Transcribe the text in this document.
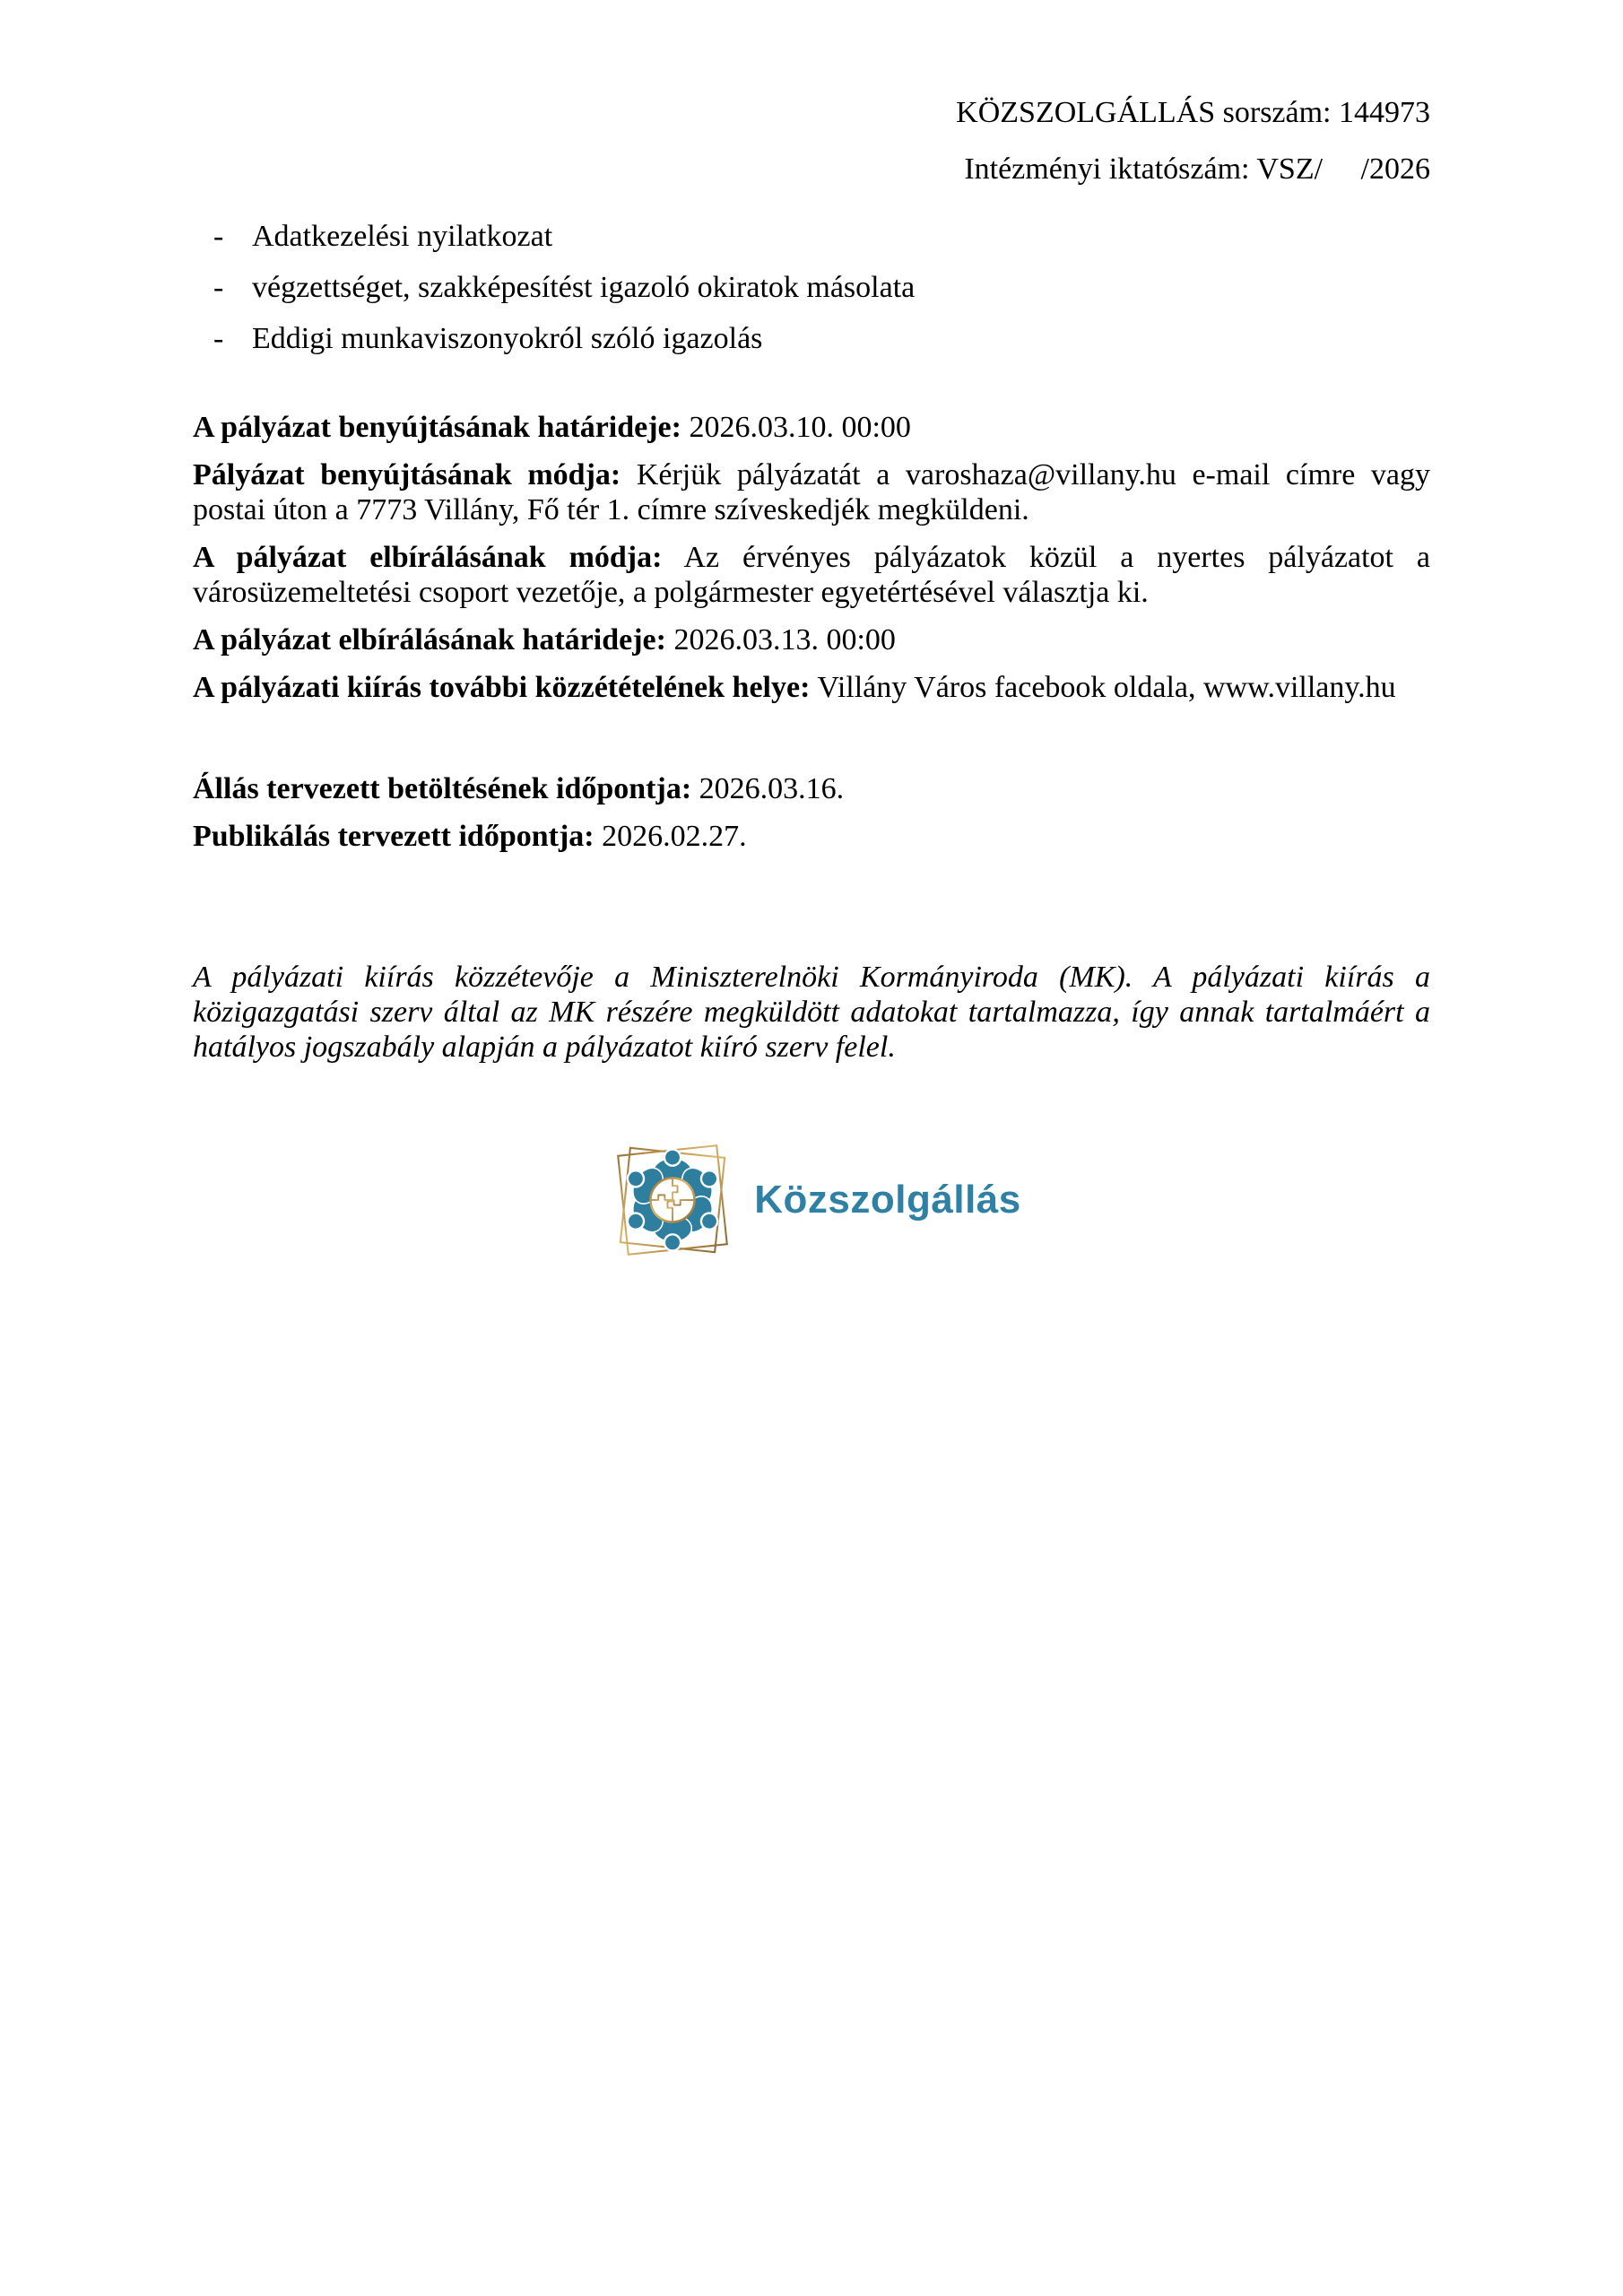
KÖZSZOLGÁLLÁS sorszám: 144973
Intézményi iktatószám: VSZ/     /2026
- Adatkezelési nyilatkozat
- végzettséget, szakképesítést igazoló okiratok másolata
- Eddigi munkaviszonyokról szóló igazolás

A pályázat benyújtásának határideje: 2026.03.10. 00:00

Pályázat benyújtásának módja: Kérjük pályázatát a varoshaza@villany.hu e-mail címre vagy postai úton a 7773 Villány, Fő tér 1. címre szíveskedjék megküldeni.

A pályázat elbírálásának módja: Az érvényes pályázatok közül a nyertes pályázatot a városüzemeltetési csoport vezetője, a polgármester egyetértésével választja ki.

A pályázat elbírálásának határideje: 2026.03.13. 00:00

A pályázati kiírás további közzétételének helye: Villány Város facebook oldala, www.villany.hu

Állás tervezett betöltésének időpontja: 2026.03.16.

Publikálás tervezett időpontja: 2026.02.27.

A pályázati kiírás közzétevője a Miniszterelnöki Kormányiroda (MK). A pályázati kiírás a közigazgatási szerv által az MK részére megküldött adatokat tartalmazza, így annak tartalmáért a hatályos jogszabály alapján a pályázatot kiíró szerv felel.

Közszolgállás
